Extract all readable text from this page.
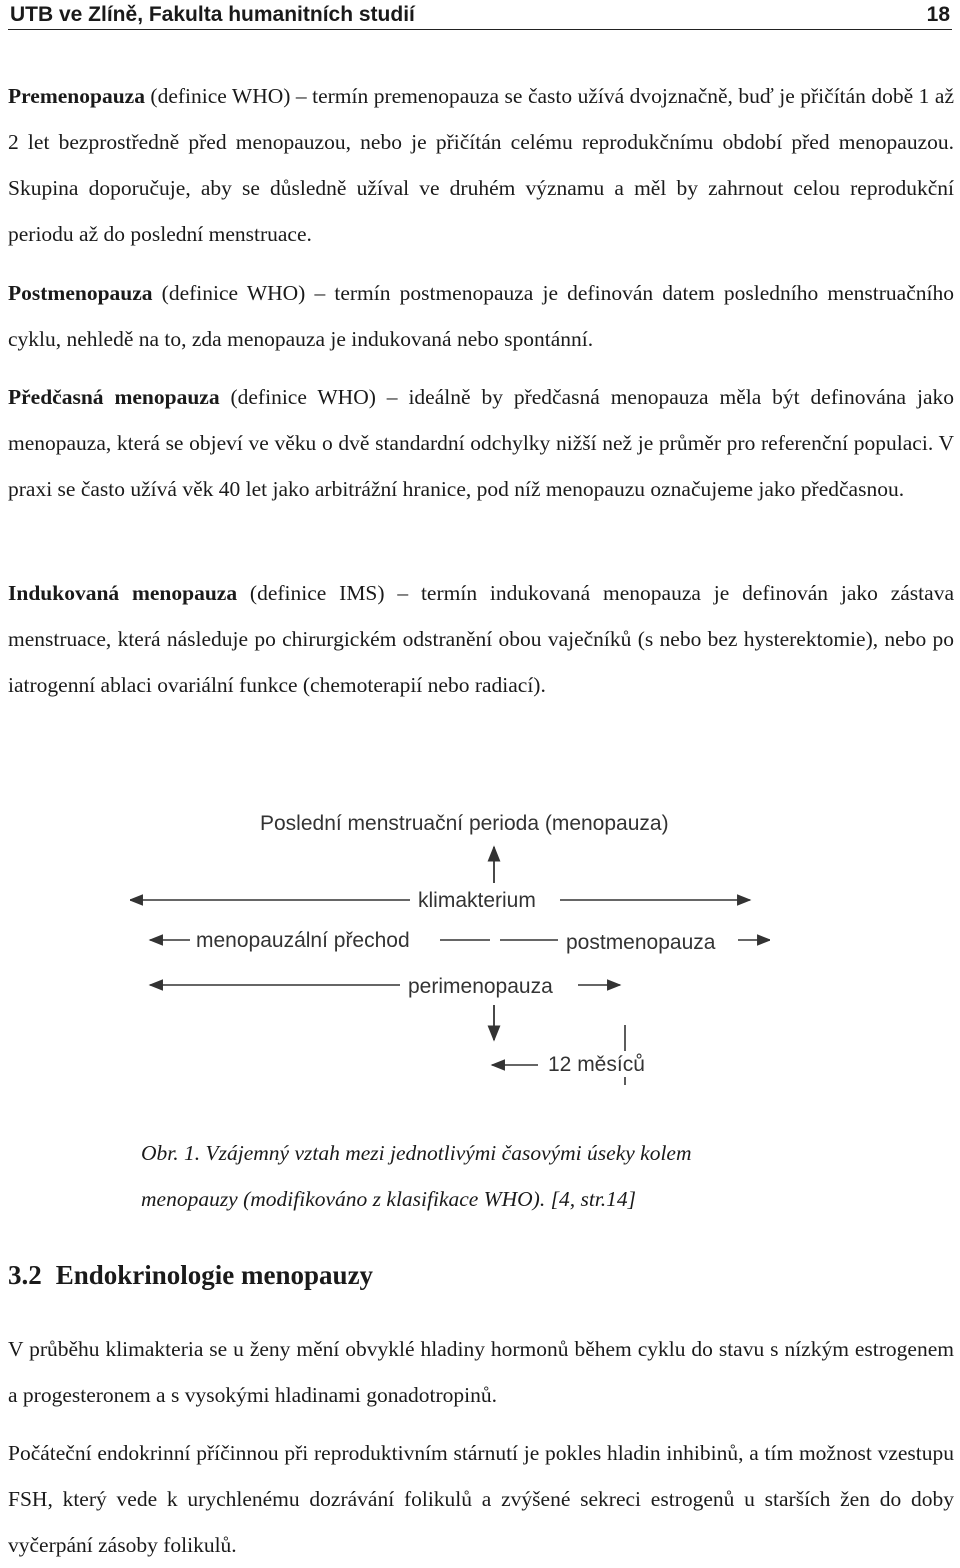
UTB ve Zlíně, Fakulta humanitních studií	18

Premenopauza (definice WHO) – termín premenopauza se často užívá dvojznačně, buď je přičítán době 1 až 2 let bezprostředně před menopauzou, nebo je přičítán celému reprodukčnímu období před menopauzou. Skupina doporučuje, aby se důsledně užíval ve druhém významu a měl by zahrnout celou reprodukční periodu až do poslední menstruace.

Postmenopauza (definice WHO) – termín postmenopauza je definován datem posledního menstruačního cyklu, nehledě na to, zda menopauza je indukovaná nebo spontánní.

Předčasná menopauza (definice WHO) – ideálně by předčasná menopauza měla být definována jako menopauza, která se objeví ve věku o dvě standardní odchylky nižší než je průměr pro referenční populaci. V praxi se často užívá věk 40 let jako arbitrážní hranice, pod níž menopauzu označujeme jako předčasnou.

Indukovaná menopauza (definice IMS) – termín indukovaná menopauza je definován jako zástava menstruace, která následuje po chirurgickém odstranění obou vaječníků (s nebo bez hysterektomie), nebo po iatrogenní ablaci ovariální funkce (chemoterapií nebo radiací).

Poslední menstruační perioda (menopauza)
klimakterium
menopauzální přechod	postmenopauza
perimenopauza
12 měsíců
Obr. 1. Vzájemný vztah mezi jednotlivými časovými úseky kolem
menopauzy (modifikováno z klasifikace WHO). [4, str.14]
3.2 Endokrinologie menopauzy

V průběhu klimakteria se u ženy mění obvyklé hladiny hormonů během cyklu do stavu s nízkým estrogenem a progesteronem a s vysokými hladinami gonadotropinů.

Počáteční endokrinní příčinnou při reproduktivním stárnutí je pokles hladin inhibinů, a tím možnost vzestupu FSH, který vede k urychlenému dozrávání folikulů a zvýšené sekreci estrogenů u starších žen do doby vyčerpání zásoby folikulů.
